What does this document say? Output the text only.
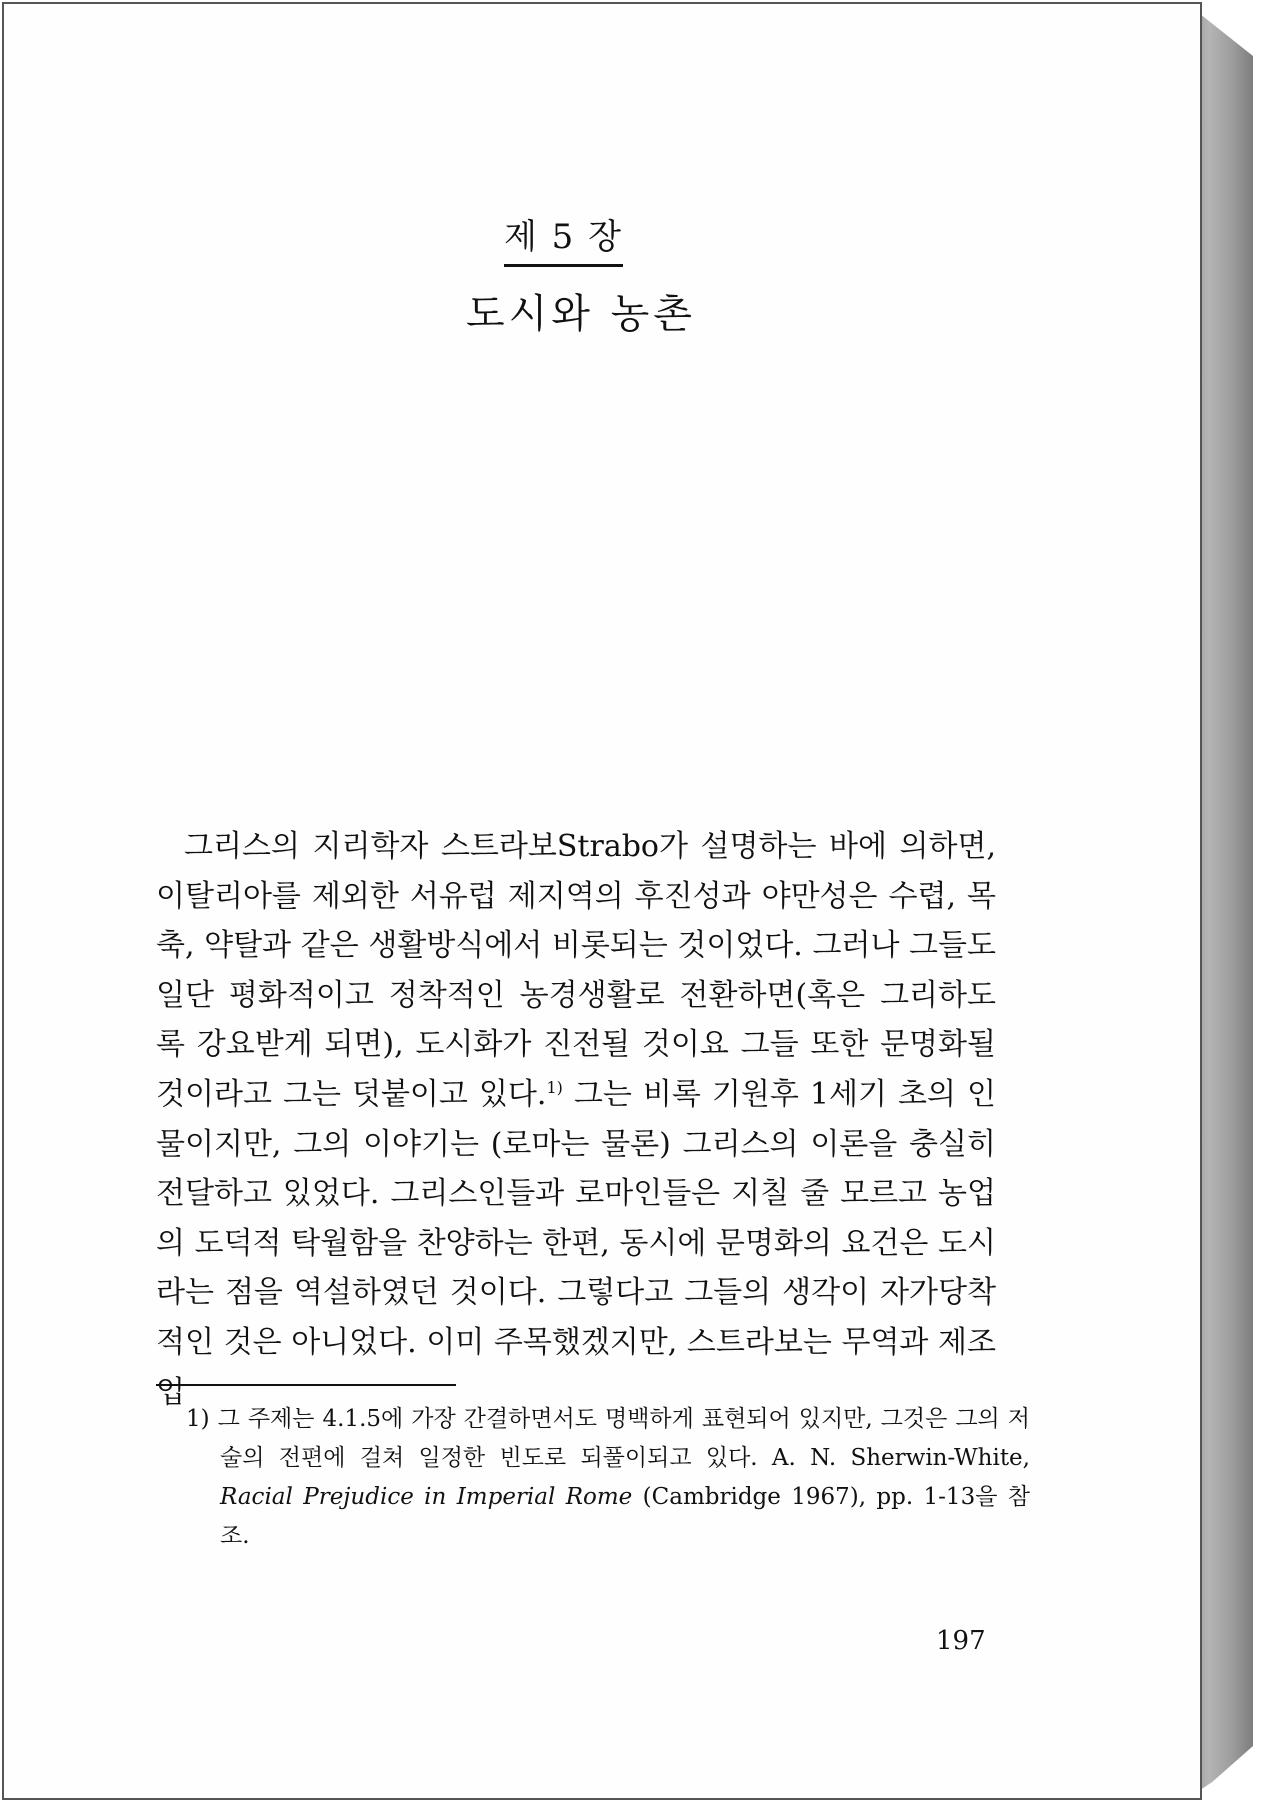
제 5 장
도시와 농촌

그리스의 지리학자 스트라보Strabo가 설명하는 바에 의하면, 이탈리아를 제외한 서유럽 제지역의 후진성과 야만성은 수렵, 목축, 약탈과 같은 생활방식에서 비롯되는 것이었다. 그러나 그들도 일단 평화적이고 정착적인 농경생활로 전환하면(혹은 그리하도록 강요받게 되면), 도시화가 진전될 것이요 그들 또한 문명화될 것이라고 그는 덧붙이고 있다.$^{1)}$ 그는 비록 기원후 1세기 초의 인물이지만, 그의 이야기는 (로마는 물론) 그리스의 이론을 충실히 전달하고 있었다. 그리스인들과 로마인들은 지칠 줄 모르고 농업의 도덕적 탁월함을 찬양하는 한편, 동시에 문명화의 요건은 도시라는 점을 역설하였던 것이다. 그렇다고 그들의 생각이 자가당착적인 것은 아니었다. 이미 주목했겠지만, 스트라보는 무역과 제조업

1) 그 주제는 4.1.5에 가장 간결하면서도 명백하게 표현되어 있지만, 그것은 그의 저술의 전편에 걸쳐 일정한 빈도로 되풀이되고 있다. A. N. Sherwin-White, Racial Prejudice in Imperial Rome (Cambridge 1967), pp. 1-13을 참조.

197
